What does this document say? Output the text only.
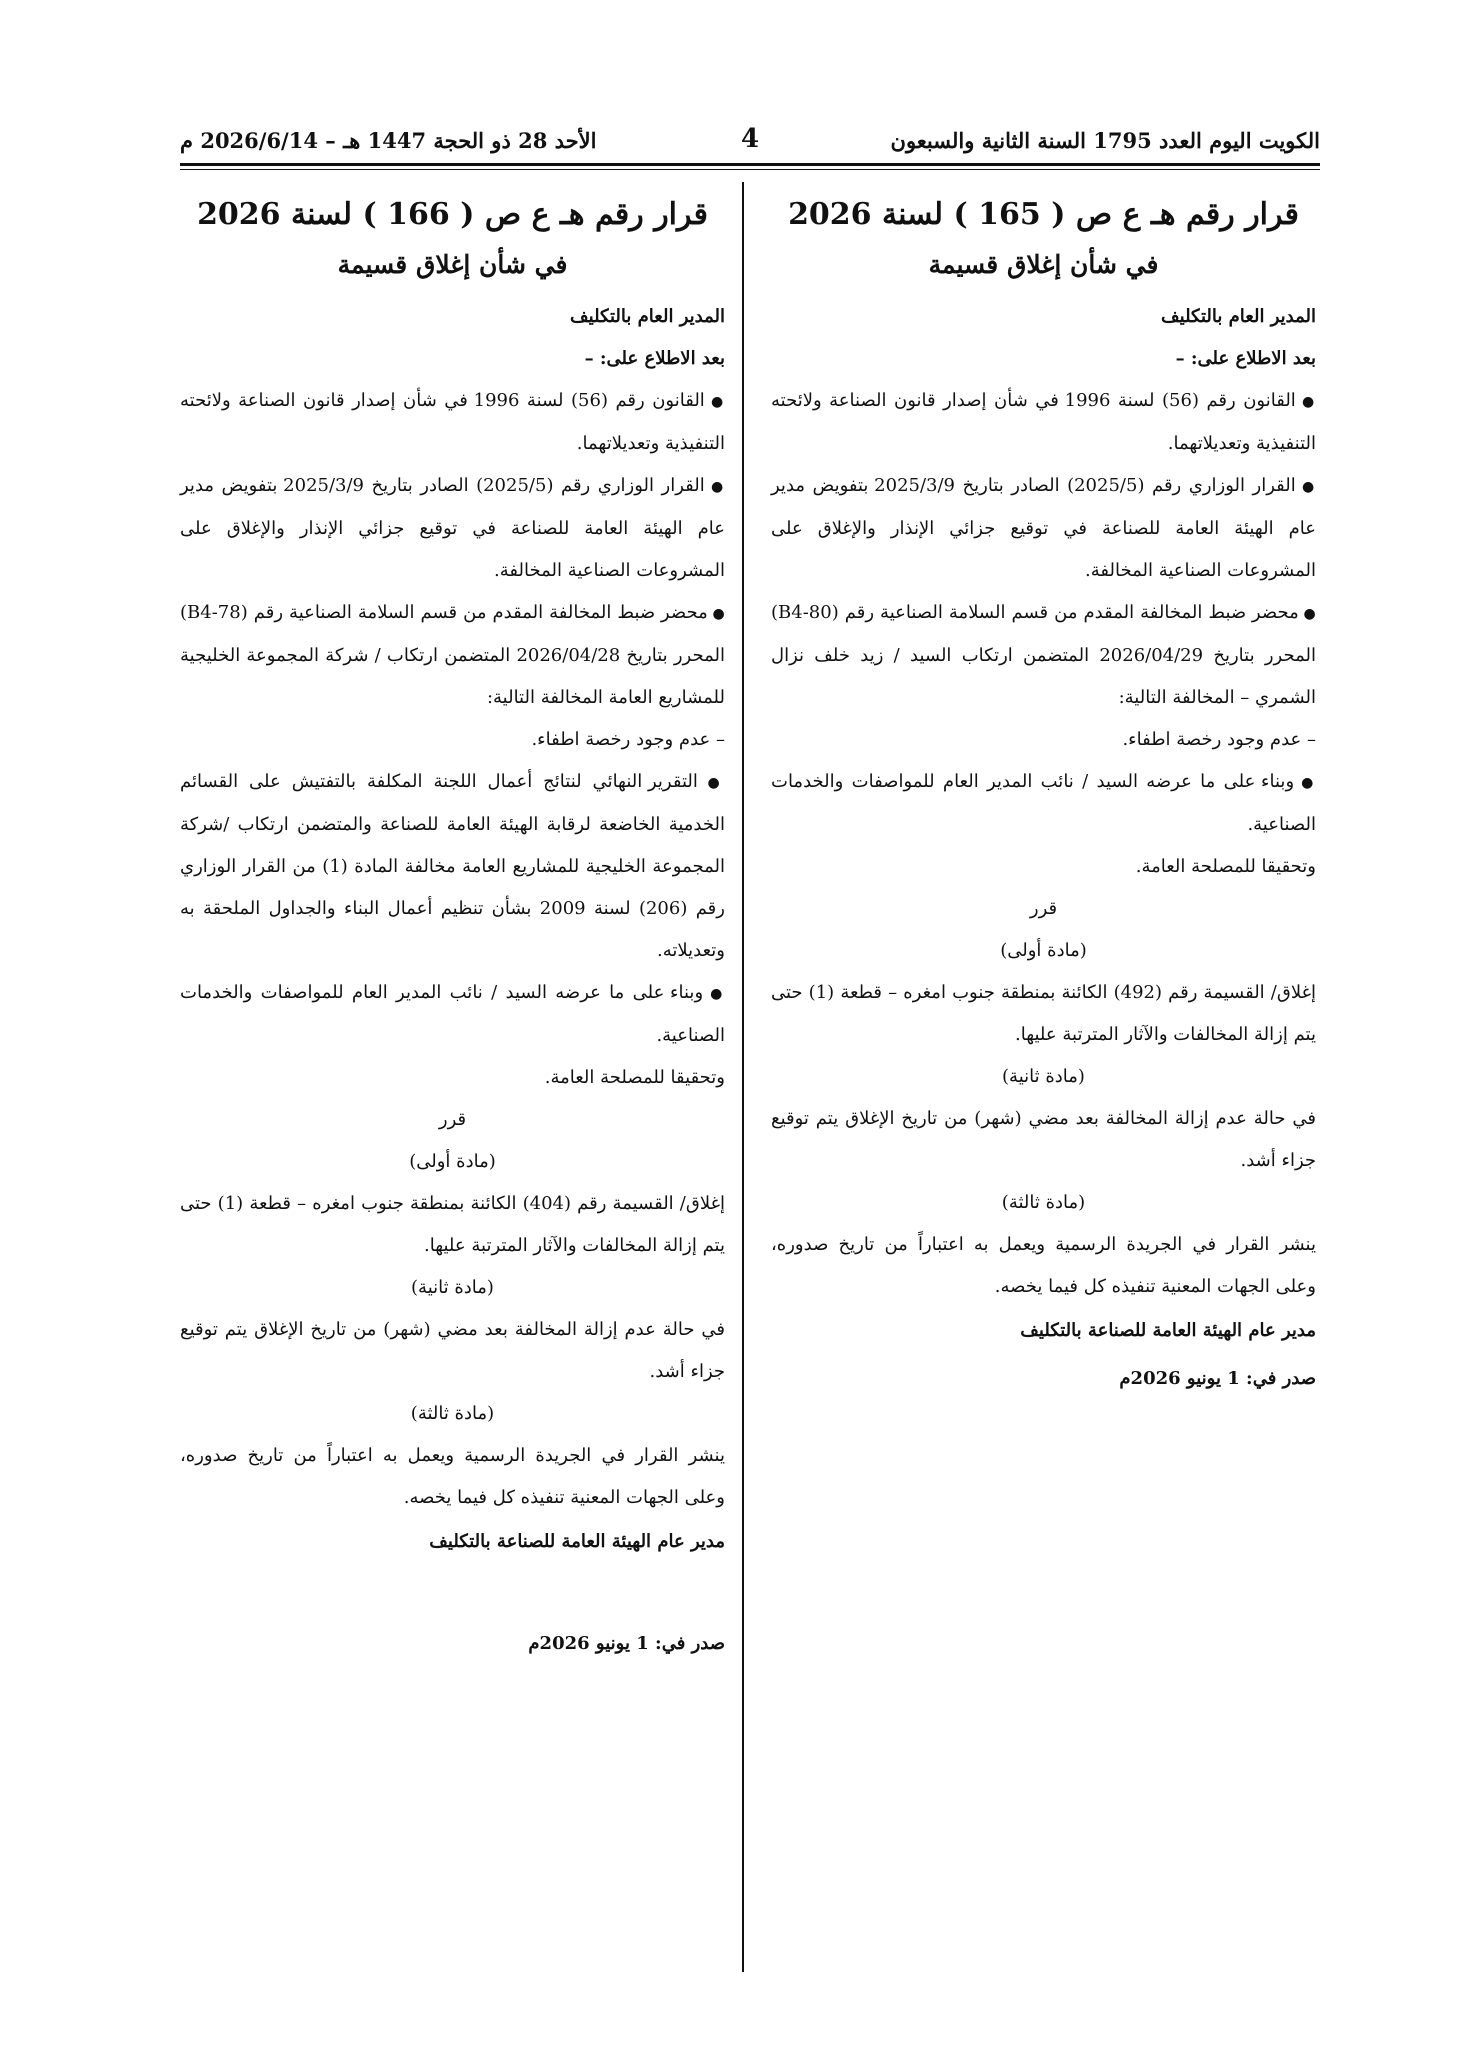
الكويت اليوم العدد 1795 السنة الثانية والسبعون
4
الأحد 28 ذو الحجة 1447 هـ – 2026/6/14 م

قرار رقم هـ ع ص ( 165 ) لسنة 2026

في شأن إغلاق قسيمة

المدير العام بالتكليف

بعد الاطلاع على: –

● القانون رقم (56) لسنة 1996 في شأن إصدار قانون الصناعة ولائحته التنفيذية وتعديلاتهما.

● القرار الوزاري رقم (2025/5) الصادر بتاريخ 2025/3/9 بتفويض مدير عام الهيئة العامة للصناعة في توقيع جزائي الإنذار والإغلاق على المشروعات الصناعية المخالفة.

● محضر ضبط المخالفة المقدم من قسم السلامة الصناعية رقم (B4-80) المحرر بتاريخ 2026/04/29 المتضمن ارتكاب السيد / زيد خلف نزال الشمري – المخالفة التالية:

– عدم وجود رخصة اطفاء.

● وبناء على ما عرضه السيد / نائب المدير العام للمواصفات والخدمات الصناعية.

وتحقيقا للمصلحة العامة.

قرر

(مادة أولى)

إغلاق/ القسيمة رقم (492) الكائنة بمنطقة جنوب امغره – قطعة (1) حتى يتم إزالة المخالفات والآثار المترتبة عليها.

(مادة ثانية)

في حالة عدم إزالة المخالفة بعد مضي (شهر) من تاريخ الإغلاق يتم توقيع جزاء أشد.

(مادة ثالثة)

ينشر القرار في الجريدة الرسمية ويعمل به اعتباراً من تاريخ صدوره، وعلى الجهات المعنية تنفيذه كل فيما يخصه.

مدير عام الهيئة العامة للصناعة بالتكليف

صدر في: 1 يونيو 2026م

قرار رقم هـ ع ص ( 166 ) لسنة 2026

في شأن إغلاق قسيمة

المدير العام بالتكليف

بعد الاطلاع على: –

● القانون رقم (56) لسنة 1996 في شأن إصدار قانون الصناعة ولائحته التنفيذية وتعديلاتهما.

● القرار الوزاري رقم (2025/5) الصادر بتاريخ 2025/3/9 بتفويض مدير عام الهيئة العامة للصناعة في توقيع جزائي الإنذار والإغلاق على المشروعات الصناعية المخالفة.

● محضر ضبط المخالفة المقدم من قسم السلامة الصناعية رقم (B4-78) المحرر بتاريخ 2026/04/28 المتضمن ارتكاب / شركة المجموعة الخليجية للمشاريع العامة المخالفة التالية:

– عدم وجود رخصة اطفاء.

● التقرير النهائي لنتائج أعمال اللجنة المكلفة بالتفتيش على القسائم الخدمية الخاضعة لرقابة الهيئة العامة للصناعة والمتضمن ارتكاب /شركة المجموعة الخليجية للمشاريع العامة مخالفة المادة (1) من القرار الوزاري رقم (206) لسنة 2009 بشأن تنظيم أعمال البناء والجداول الملحقة به وتعديلاته.

● وبناء على ما عرضه السيد / نائب المدير العام للمواصفات والخدمات الصناعية.

وتحقيقا للمصلحة العامة.

قرر

(مادة أولى)

إغلاق/ القسيمة رقم (404) الكائنة بمنطقة جنوب امغره – قطعة (1) حتى يتم إزالة المخالفات والآثار المترتبة عليها.

(مادة ثانية)

في حالة عدم إزالة المخالفة بعد مضي (شهر) من تاريخ الإغلاق يتم توقيع جزاء أشد.

(مادة ثالثة)

ينشر القرار في الجريدة الرسمية ويعمل به اعتباراً من تاريخ صدوره، وعلى الجهات المعنية تنفيذه كل فيما يخصه.

مدير عام الهيئة العامة للصناعة بالتكليف

صدر في: 1 يونيو 2026م
